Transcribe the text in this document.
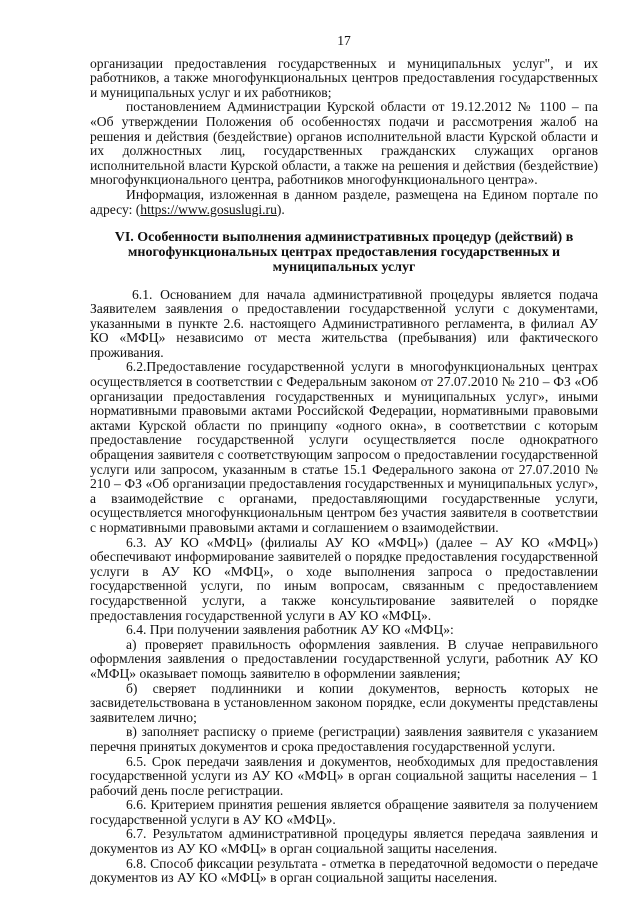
17

организации предоставления государственных и муниципальных услуг", и их работников, а также многофункциональных центров предоставления государственных и муниципальных услуг и их работников;

постановлением Администрации Курской области от 19.12.2012 № 1100 – па «Об утверждении Положения об особенностях подачи и рассмотрения жалоб на решения и действия (бездействие) органов исполнительной власти Курской области и их должностных лиц, государственных гражданских служащих органов исполнительной власти Курской области, а также на решения и действия (бездействие) многофункционального центра, работников многофункционального центра».

Информация, изложенная в данном разделе, размещена на Едином портале по адресу: (https://www.gosuslugi.ru).

VI. Особенности выполнения административных процедур (действий) в многофункциональных центрах предоставления государственных и муниципальных услуг

6.1. Основанием для начала административной процедуры является подача Заявителем заявления о предоставлении государственной услуги с документами, указанными в пункте 2.6. настоящего Административного регламента, в филиал АУ КО «МФЦ» независимо от места жительства (пребывания) или фактического проживания.

6.2.Предоставление государственной услуги в многофункциональных центрах осуществляется в соответствии с Федеральным законом от 27.07.2010 № 210 – ФЗ «Об организации предоставления государственных и муниципальных услуг», иными нормативными правовыми актами Российской Федерации, нормативными правовыми актами Курской области по принципу «одного окна», в соответствии с которым предоставление государственной услуги осуществляется после однократного обращения заявителя с соответствующим запросом о предоставлении государственной услуги или запросом, указанным в статье 15.1 Федерального закона от 27.07.2010 № 210 – ФЗ «Об организации предоставления государственных и муниципальных услуг», а взаимодействие с органами, предоставляющими государственные услуги, осуществляется многофункциональным центром без участия заявителя в соответствии с нормативными правовыми актами и соглашением о взаимодействии.

6.3. АУ КО «МФЦ» (филиалы АУ КО «МФЦ») (далее – АУ КО «МФЦ») обеспечивают информирование заявителей о порядке предоставления государственной услуги в АУ КО «МФЦ», о ходе выполнения запроса о предоставлении государственной услуги, по иным вопросам, связанным с предоставлением государственной услуги, а также консультирование заявителей о порядке предоставления государственной услуги в АУ КО «МФЦ».

6.4. При получении заявления работник АУ КО «МФЦ»:

а) проверяет правильность оформления заявления. В случае неправильного оформления заявления о предоставлении государственной услуги, работник АУ КО «МФЦ» оказывает помощь заявителю в оформлении заявления;

б) сверяет подлинники и копии документов, верность которых не засвидетельствована в установленном законом порядке, если документы представлены заявителем лично;

в) заполняет расписку о приеме (регистрации) заявления заявителя с указанием перечня принятых документов и срока предоставления государственной услуги.

6.5. Срок передачи заявления и документов, необходимых для предоставления государственной услуги из АУ КО «МФЦ» в орган социальной защиты населения – 1 рабочий день после регистрации.

6.6. Критерием принятия решения является обращение заявителя за получением государственной услуги в АУ КО «МФЦ».

6.7. Результатом административной процедуры является передача заявления и документов из АУ КО «МФЦ» в орган социальной защиты населения.

6.8. Способ фиксации результата - отметка в передаточной ведомости о передаче документов из АУ КО «МФЦ» в орган социальной защиты населения.
